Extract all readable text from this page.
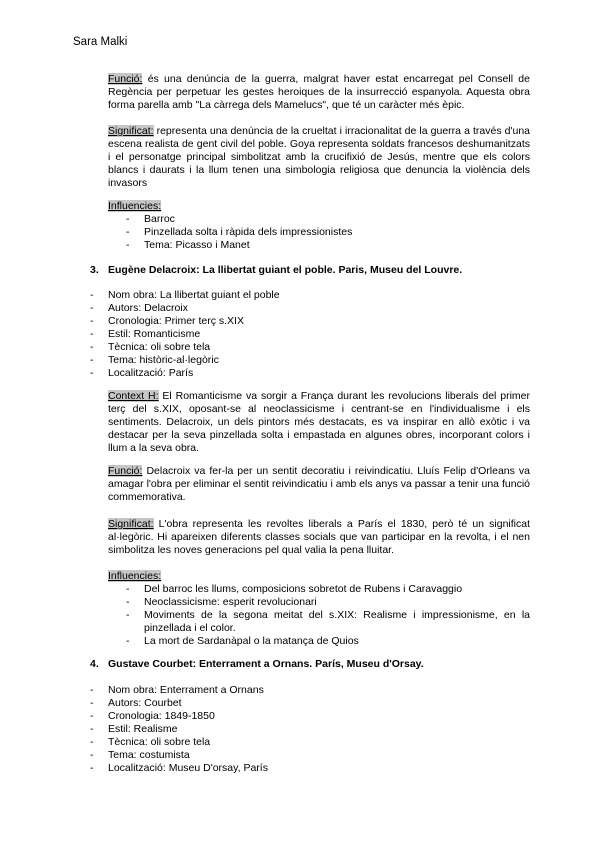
Sara Malki
Funció: és una denúncia de la guerra, malgrat haver estat encarregat pel Consell de Regència per perpetuar les gestes heroiques de la insurrecció espanyola. Aquesta obra forma parella amb "La càrrega dels Mamelucs", que té un caràcter més èpic.
Significat: representa una denúncia de la crueltat i irracionalitat de la guerra a través d'una escena realista de gent civil del poble. Goya representa soldats francesos deshumanitzats i el personatge principal simbolitzat amb la crucifixió de Jesús, mentre que els colors blancs i daurats i la llum tenen una simbologia religiosa que denuncia la violència dels invasors
Influencies:
- Barroc
- Pinzellada solta i ràpida dels impressionistes
- Tema: Picasso i Manet
3. Eugène Delacroix: La llibertat guiant el poble. Paris, Museu del Louvre.
- Nom obra: La llibertat guiant el poble
- Autors: Delacroix
- Cronologia: Primer terç s.XIX
- Estil: Romanticisme
- Tècnica: oli sobre tela
- Tema: històric-al·legòric
- Localització: París
Context H: El Romanticisme va sorgir a França durant les revolucions liberals del primer terç del s.XIX, oposant-se al neoclassicisme i centrant-se en l'individualisme i els sentiments. Delacroix, un dels pintors més destacats, es va inspirar en allò exòtic i va destacar per la seva pinzellada solta i empastada en algunes obres, incorporant colors i llum a la seva obra.
Funció: Delacroix va fer-la per un sentit decoratiu i reivindicatiu. Lluís Felip d'Orleans va amagar l'obra per eliminar el sentit reivindicatiu i amb els anys va passar a tenir una funció commemorativa.
Significat: L'obra representa les revoltes liberals a París el 1830, però té un significat al·legòric. Hi apareixen diferents classes socials que van participar en la revolta, i el nen simbolitza les noves generacions pel qual valia la pena lluitar.
Influencies:
- Del barroc les llums, composicions sobretot de Rubens i Caravaggio
- Neoclassicisme: esperit revolucionari
- Moviments de la segona meitat del s.XIX: Realisme i impressionisme, en la pinzellada i el color.
- La mort de Sardanàpal o la matança de Quios
4. Gustave Courbet: Enterrament a Ornans. París, Museu d'Orsay.
- Nom obra: Enterrament a Ornans
- Autors: Courbet
- Cronologia: 1849-1850
- Estil: Realisme
- Tècnica: oli sobre tela
- Tema: costumista
- Localització: Museu D'orsay, París
